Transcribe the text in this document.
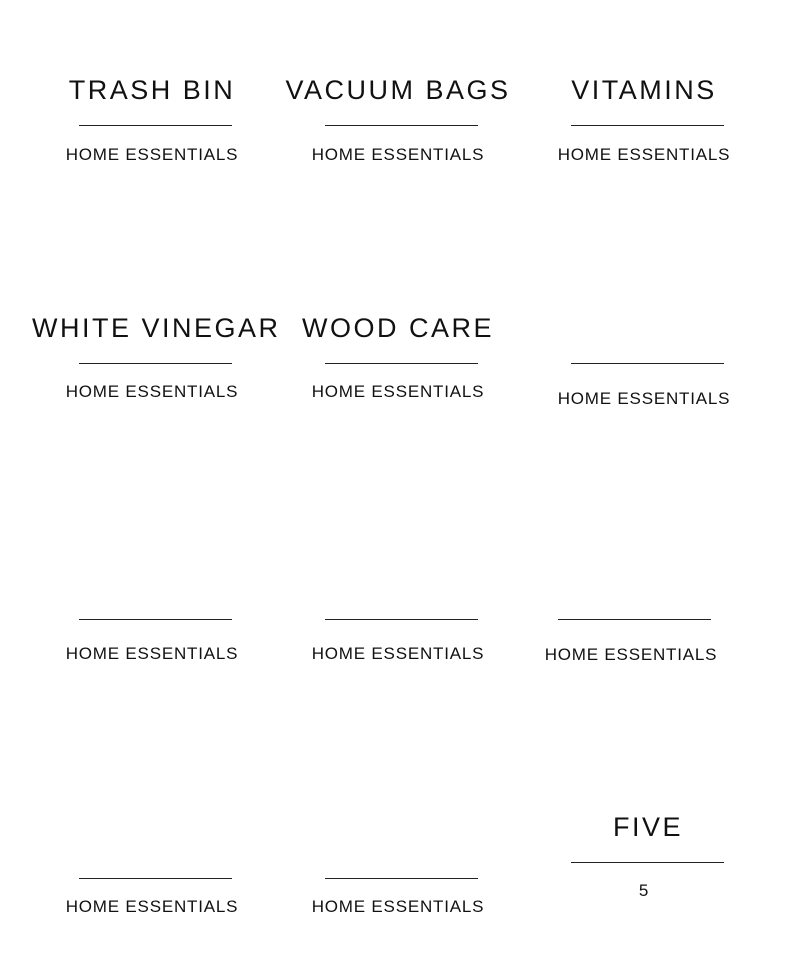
TRASH BIN
HOME ESSENTIALS
VACUUM BAGS
HOME ESSENTIALS
VITAMINS
HOME ESSENTIALS
WHITE VINEGAR
HOME ESSENTIALS
WOOD CARE
HOME ESSENTIALS	HOME ESSENTIALS
HOME ESSENTIALS	HOME ESSENTIALS	HOME ESSENTIALS
HOME ESSENTIALS	HOME ESSENTIALS
FIVE
5
